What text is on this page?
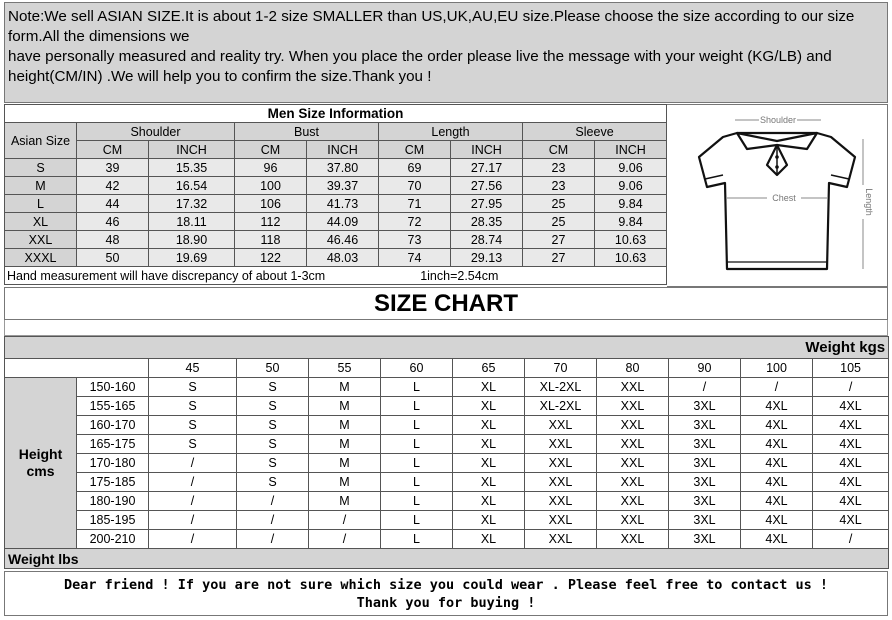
Note:We sell ASIAN SIZE.It is about 1-2 size SMALLER than US,UK,AU,EU size.Please choose the size according to our size
form.All the dimensions we
have personally measured and reality try. When you place the order please live the message with your weight (KG/LB) and
height(CM/IN) .We will help you to confirm the size.Thank you !
Men Size Information								
Asian Size	Shoulder		Bust		Length		Sleeve	
	CM	INCH	CM	INCH	CM	INCH	CM	INCH
S	39	15.35	96	37.80	69	27.17	23	9.06
M	42	16.54	100	39.37	70	27.56	23	9.06
L	44	17.32	106	41.73	71	27.95	25	9.84
XL	46	18.11	112	44.09	72	28.35	25	9.84
XXL	48	18.90	118	46.46	73	28.74	27	10.63
XXXL	50	19.69	122	48.03	74	29.13	27	10.63
Hand measurement will have discrepancy of about 1-3cm 1inch=2.54cm								
Shoulder
Chest	Length
SIZE CHART
Weight kgs											
		45	50	55	60	65	70	80	90	100	105

Height
cms	150-160	S	S	M	L	XL	XL-2XL	XXL	/	/	/
	155-165	S	S	M	L	XL	XL-2XL	XXL	3XL	4XL	4XL
	160-170	S	S	M	L	XL	XXL	XXL	3XL	4XL	4XL
	165-175	S	S	M	L	XL	XXL	XXL	3XL	4XL	4XL
	170-180	/	S	M	L	XL	XXL	XXL	3XL	4XL	4XL
	175-185	/	S	M	L	XL	XXL	XXL	3XL	4XL	4XL
	180-190	/	/	M	L	XL	XXL	XXL	3XL	4XL	4XL
	185-195	/	/	/	L	XL	XXL	XXL	3XL	4XL	4XL
	200-210	/	/	/	L	XL	XXL	XXL	3XL	4XL	/
Weight lbs											
Dear friend ! If you are not sure which size you could wear . Please feel free to contact us !
Thank you for buying !
